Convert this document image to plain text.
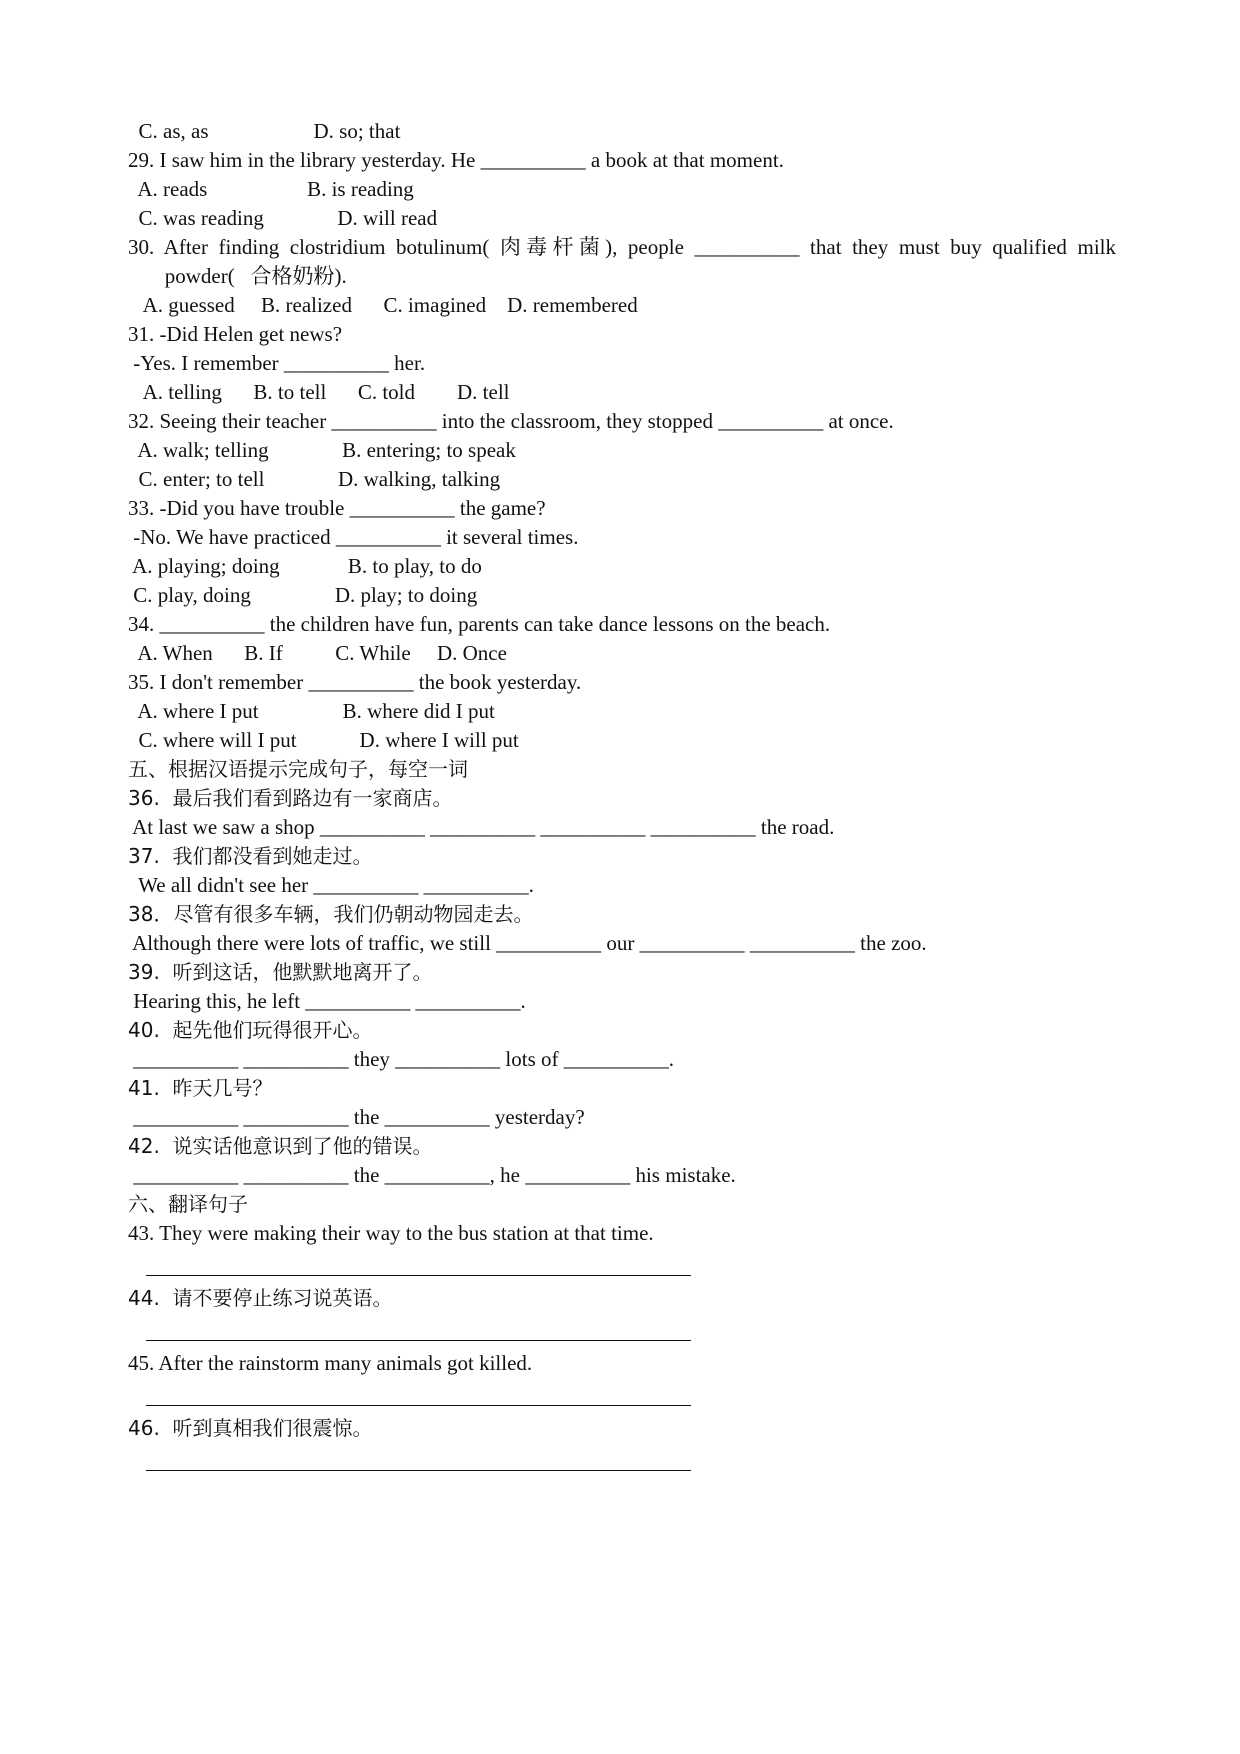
C. as, as                    D. so; that
29. I saw him in the library yesterday. He __________ a book at that moment.
A. reads                   B. is reading
C. was reading              D. will read
30. After finding clostridium botulinum( 肉毒杆菌), people __________ that they must buy qualified milk
powder(   合格奶粉).
A. guessed     B. realized      C. imagined    D. remembered
31. -Did Helen get news?
-Yes. I remember __________ her.
A. telling      B. to tell      C. told        D. tell
32. Seeing their teacher __________ into the classroom, they stopped __________ at once.
A. walk; telling              B. entering; to speak
C. enter; to tell              D. walking, talking
33. -Did you have trouble __________ the game?
-No. We have practiced __________ it several times.
A. playing; doing             B. to play, to do
C. play, doing                D. play; to doing
34. __________ the children have fun, parents can take dance lessons on the beach.
A. When      B. If          C. While     D. Once
35. I don't remember __________ the book yesterday.
A. where I put                B. where did I put
C. where will I put            D. where I will put
五、根据汉语提示完成句子，每空一词
36.  最后我们看到路边有一家商店。
At last we saw a shop __________ __________ __________ __________ the road.
37.  我们都没看到她走过。
We all didn't see her __________ __________.
38．尽管有很多车辆，我们仍朝动物园走去。
Although there were lots of traffic, we still __________ our __________ __________ the zoo.
39.  听到这话，他默默地离开了。
Hearing this, he left __________ __________.
40.  起先他们玩得很开心。
__________ __________ they __________ lots of __________.
41.  昨天几号？
__________ __________ the __________ yesterday?
42.  说实话他意识到了他的错误。
__________ __________ the __________, he __________ his mistake.
六、翻译句子
43. They were making their way to the bus station at that time.
44.  请不要停止练习说英语。
45. After the rainstorm many animals got killed.
46.  听到真相我们很震惊。
